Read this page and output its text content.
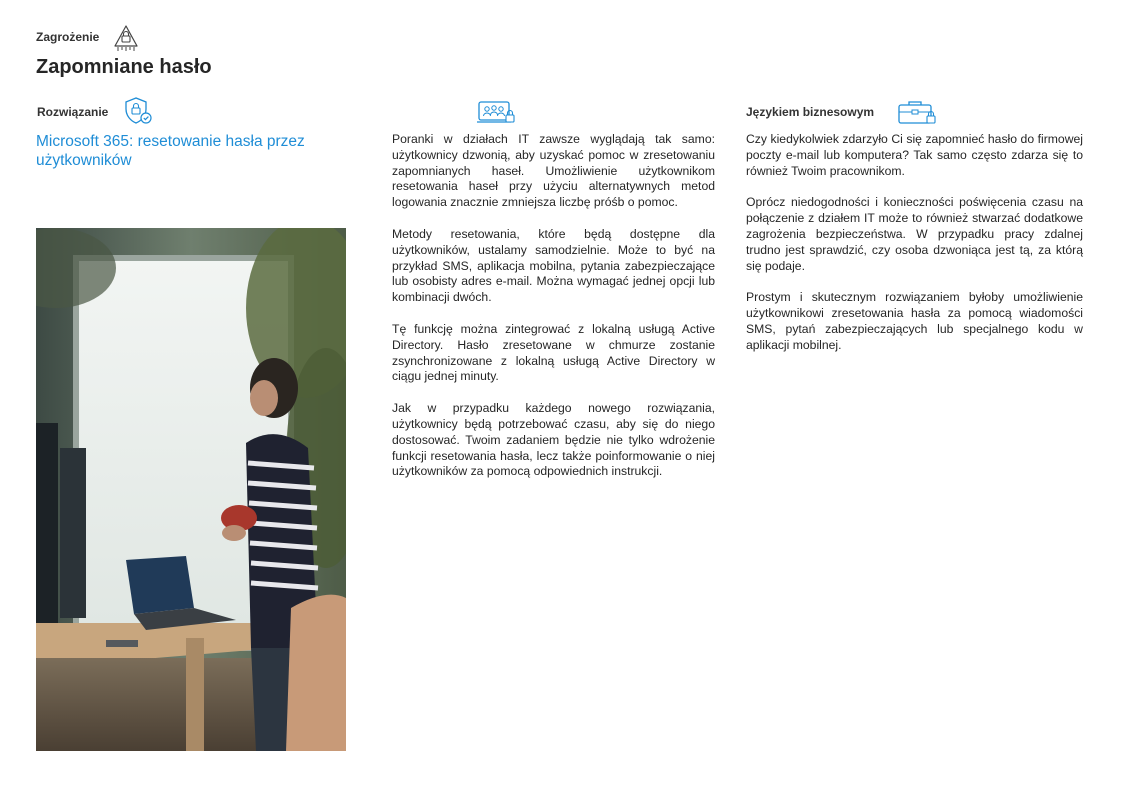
Zagrożenie
Zapomniane hasło
Rozwiązanie
Microsoft 365: resetowanie hasła przez użytkowników
Językiem biznesowym

Poranki w działach IT zawsze wyglądają tak samo: użytkownicy dzwonią, aby uzyskać pomoc w zresetowaniu zapomnianych haseł. Umożliwienie użytkownikom resetowania haseł przy użyciu alternatywnych metod logowania znacznie zmniejsza liczbę próśb o pomoc.

Metody resetowania, które będą dostępne dla użytkowników, ustalamy samodzielnie. Może to być na przykład SMS, aplikacja mobilna, pytania zabezpieczające lub osobisty adres e-mail. Można wymagać jednej opcji lub kombinacji dwóch.

Tę funkcję można zintegrować z lokalną usługą Active Directory. Hasło zresetowane w chmurze zostanie zsynchronizowane z lokalną usługą Active Directory w ciągu jednej minuty.

Jak w przypadku każdego nowego rozwiązania, użytkownicy będą potrzebować czasu, aby się do niego dostosować. Twoim zadaniem będzie nie tylko wdrożenie funkcji resetowania hasła, lecz także poinformowanie o niej użytkowników za pomocą odpowiednich instrukcji.

Czy kiedykolwiek zdarzyło Ci się zapomnieć hasło do firmowej poczty e-mail lub komputera? Tak samo często zdarza się to również Twoim pracownikom.

Oprócz niedogodności i konieczności poświęcenia czasu na połączenie z działem IT może to również stwarzać dodatkowe zagrożenia bezpieczeństwa. W przypadku pracy zdalnej trudno jest sprawdzić, czy osoba dzwoniąca jest tą, za którą się podaje.

Prostym i skutecznym rozwiązaniem byłoby umożliwienie użytkownikowi zresetowania hasła za pomocą wiadomości SMS, pytań zabezpieczających lub specjalnego kodu w aplikacji mobilnej.
